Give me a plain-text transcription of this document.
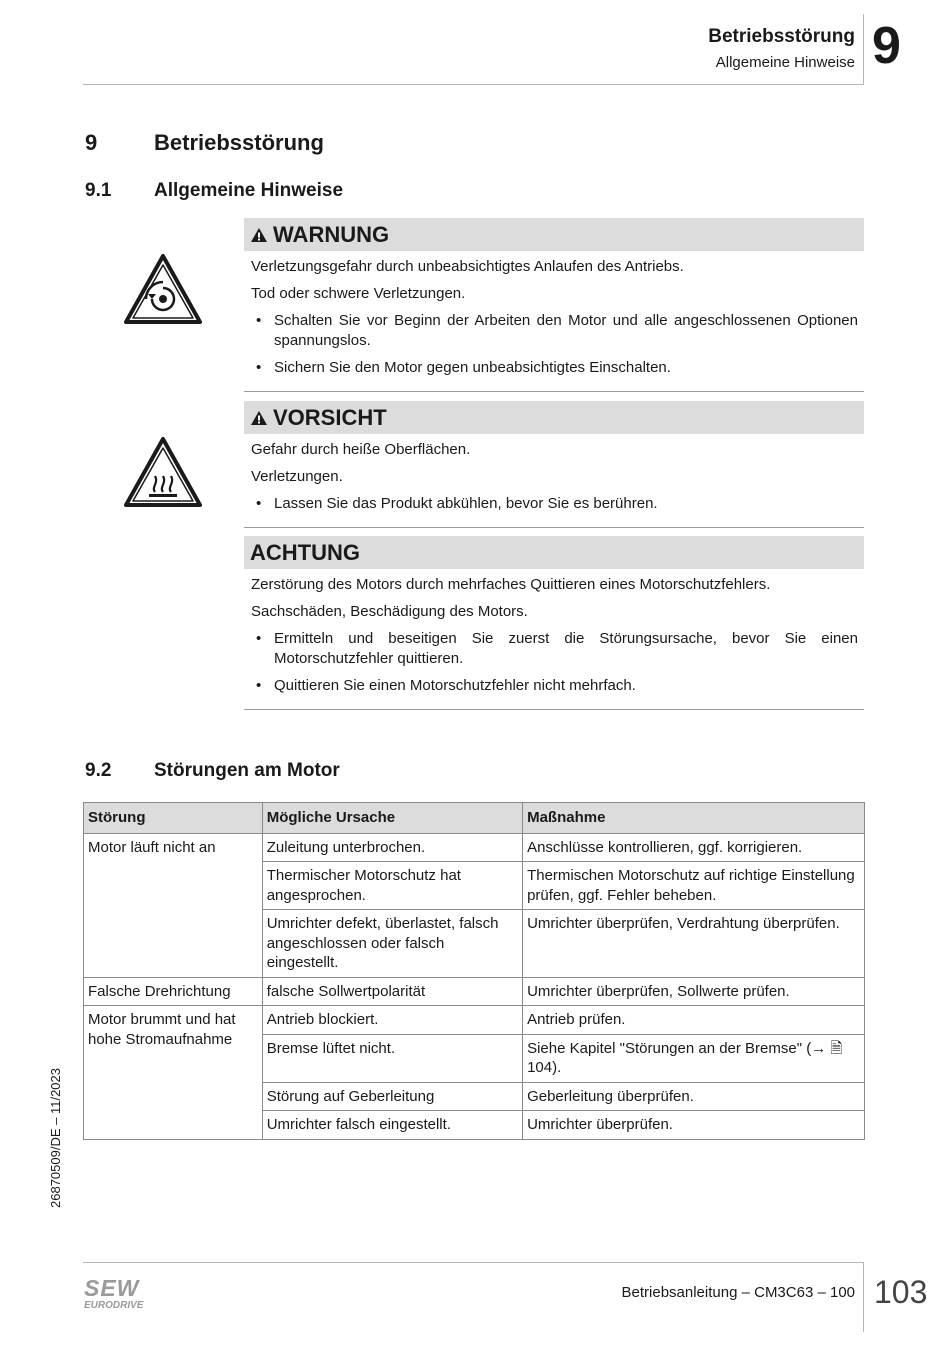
Betriebsstörung
Allgemeine Hinweise 9
9	Betriebsstörung
9.1 Allgemeine Hinweise
WARNUNG

Verletzungsgefahr durch unbeabsichtigtes Anlaufen des Antriebs.

Tod oder schwere Verletzungen.

• Schalten Sie vor Beginn der Arbeiten den Motor und alle angeschlossenen Optionen spannungslos.
• Sichern Sie den Motor gegen unbeabsichtigtes Einschalten.
VORSICHT

Gefahr durch heiße Oberflächen.

Verletzungen.

• Lassen Sie das Produkt abkühlen, bevor Sie es berühren.
ACHTUNG

Zerstörung des Motors durch mehrfaches Quittieren eines Motorschutzfehlers.

Sachschäden, Beschädigung des Motors.

• Ermitteln und beseitigen Sie zuerst die Störungsursache, bevor Sie einen Motorschutzfehler quittieren.
• Quittieren Sie einen Motorschutzfehler nicht mehrfach.
9.2 Störungen am Motor
Störung	Mögliche Ursache	Maßnahme
Motor läuft nicht an	Zuleitung unterbrochen.	Anschlüsse kontrollieren, ggf. korrigieren.
	Thermischer Motorschutz hat angesprochen.	Thermischen Motorschutz auf richtige Einstellung prüfen, ggf. Fehler beheben.
	Umrichter defekt, überlastet, falsch angeschlossen oder falsch eingestellt.	Umrichter überprüfen, Verdrahtung überprüfen.
Falsche Drehrichtung	falsche Sollwertpolarität	Umrichter überprüfen, Sollwerte prüfen.
Motor brummt und hat hohe Stromaufnahme	Antrieb blockiert.	Antrieb prüfen.
	Bremse lüftet nicht.	Siehe Kapitel "Störungen an der Bremse" (→ 🗎 104).
	Störung auf Geberleitung	Geberleitung überprüfen.
	Umrichter falsch eingestellt.	Umrichter überprüfen.
26870509/DE – 11/2023
SEW
EURODRIVE
Betriebsanleitung – CM3C63 – 100 103
